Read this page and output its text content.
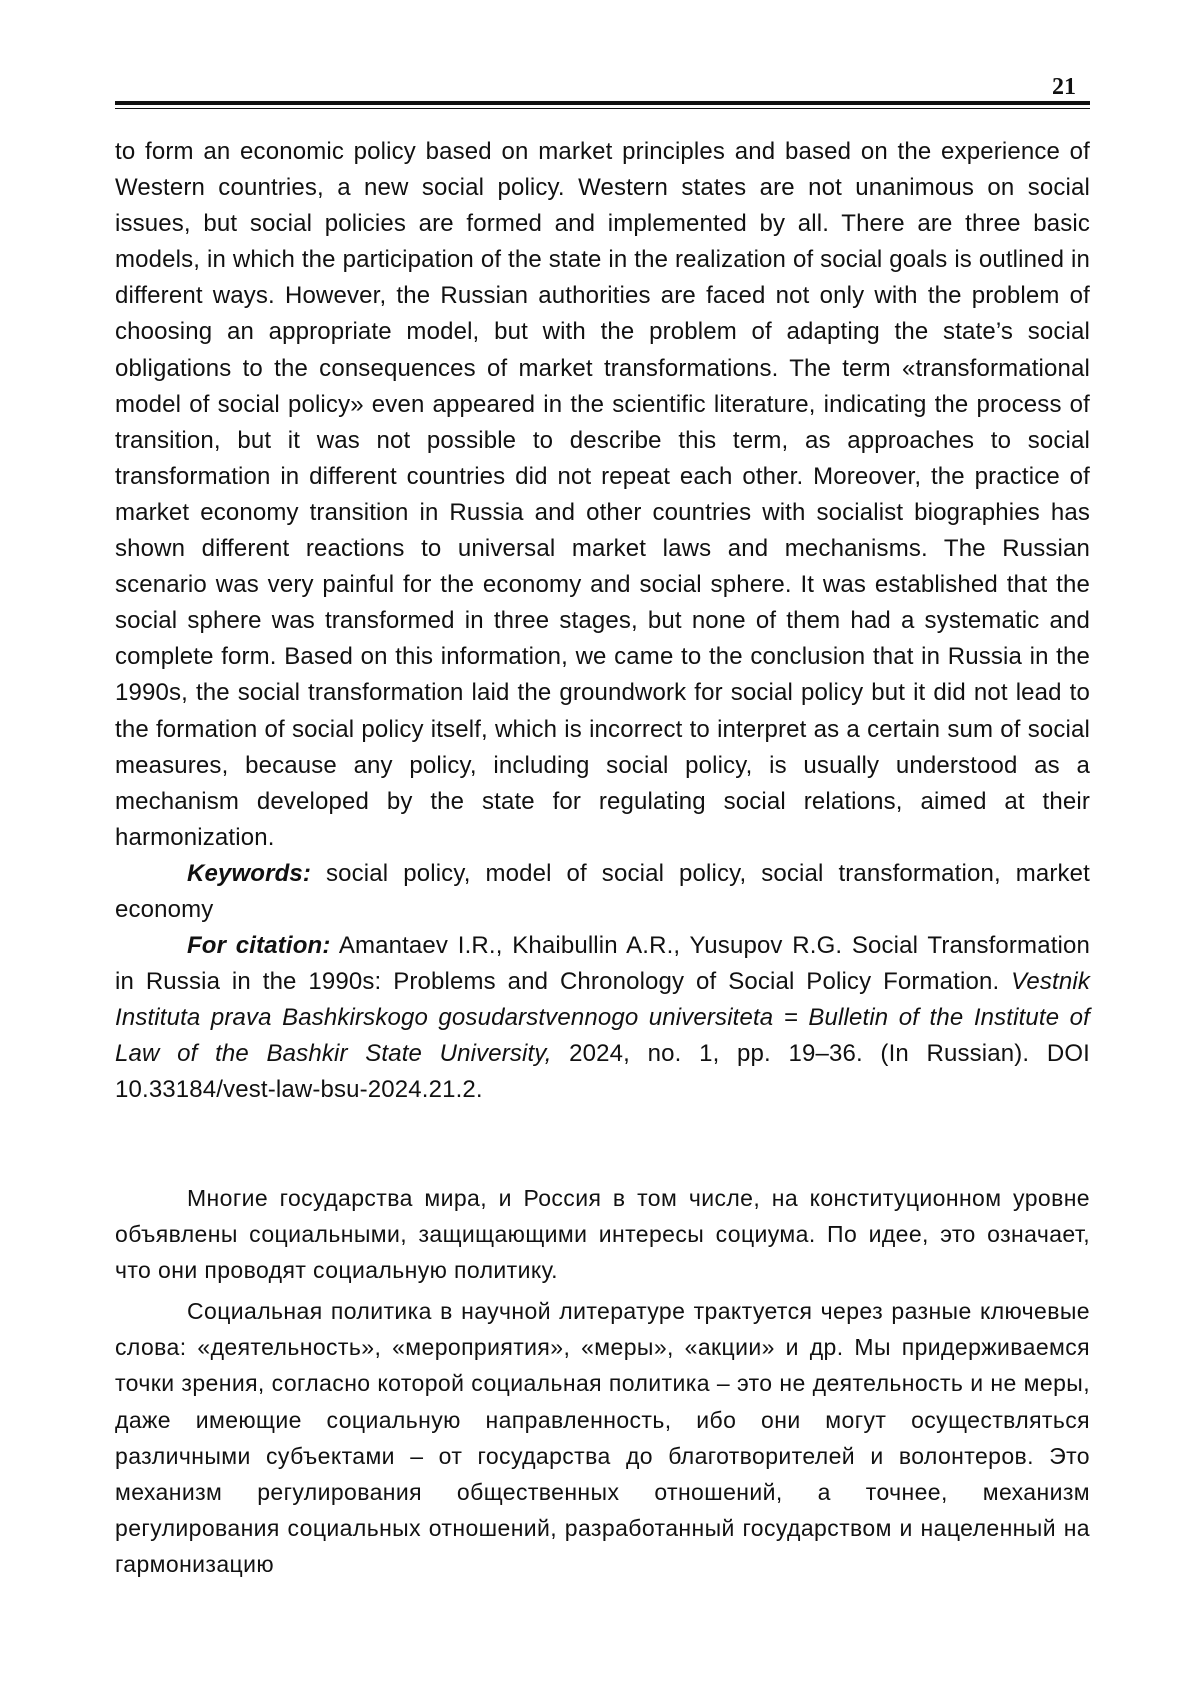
21

to form an economic policy based on market principles and based on the experience of Western countries, a new social policy. Western states are not unanimous on social issues, but social policies are formed and implemented by all. There are three basic models, in which the participation of the state in the realization of social goals is outlined in different ways. However, the Russian authorities are faced not only with the problem of choosing an appropriate model, but with the problem of adapting the state’s social obligations to the consequences of market transformations. The term «transformational model of social policy» even appeared in the scientific literature, indicating the process of transition, but it was not possible to describe this term, as approaches to social transformation in different countries did not repeat each other. Moreover, the practice of market economy transition in Russia and other countries with socialist biographies has shown different reactions to universal market laws and mechanisms. The Russian scenario was very painful for the economy and social sphere. It was established that the social sphere was transformed in three stages, but none of them had a systematic and complete form. Based on this information, we came to the conclusion that in Russia in the 1990s, the social transformation laid the groundwork for social policy but it did not lead to the formation of social policy itself, which is incorrect to interpret as a certain sum of social measures, because any policy, including social policy, is usually understood as a mechanism developed by the state for regulating social relations, aimed at their harmonization.

Keywords: social policy, model of social policy, social transformation, market economy

For citation: Amantaev I.R., Khaibullin A.R., Yusupov R.G. Social Transformation in Russia in the 1990s: Problems and Chronology of Social Policy Formation. Vestnik Instituta prava Bashkirskogo gosudarstvennogo universiteta = Bulletin of the Institute of Law of the Bashkir State University, 2024, no. 1, pp. 19–36. (In Russian). DOI 10.33184/vest-law-bsu-2024.21.2.

Многие государства мира, и Россия в том числе, на конституционном уровне объявлены социальными, защищающими интересы социума. По идее, это означает, что они проводят социальную политику.

Социальная политика в научной литературе трактуется через разные ключевые слова: «деятельность», «мероприятия», «меры», «акции» и др. Мы придерживаемся точки зрения, согласно которой социальная политика – это не деятельность и не меры, даже имеющие социальную направленность, ибо они могут осуществляться различными субъектами – от государства до благотворителей и волонтеров. Это механизм регулирования общественных отношений, а точнее, механизм регулирования социальных отношений, разработанный государством и нацеленный на гармонизацию
